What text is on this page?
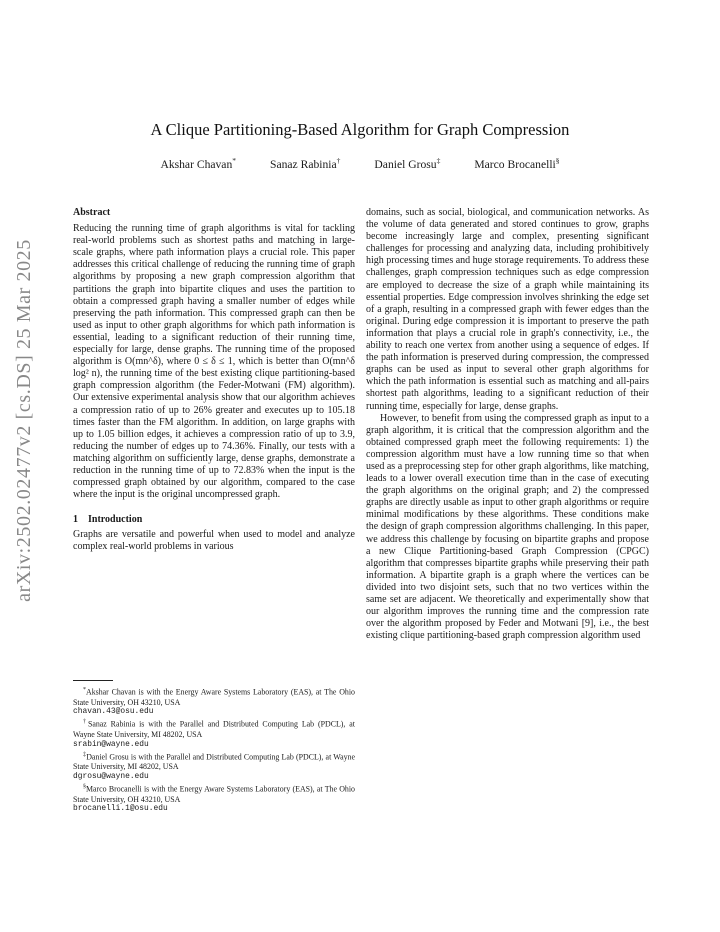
arXiv:2502.02477v2 [cs.DS] 25 Mar 2025
A Clique Partitioning-Based Algorithm for Graph Compression
Akshar Chavan*	Sanaz Rabinia†	Daniel Grosu‡	Marco Brocanelli§
Abstract

Reducing the running time of graph algorithms is vital for tackling real-world problems such as shortest paths and matching in large-scale graphs, where path information plays a crucial role. This paper addresses this critical challenge of reducing the running time of graph algorithms by proposing a new graph compression algorithm that partitions the graph into bipartite cliques and uses the partition to obtain a compressed graph having a smaller number of edges while preserving the path information. This compressed graph can then be used as input to other graph algorithms for which path information is essential, leading to a significant reduction of their running time, especially for large, dense graphs. The running time of the proposed algorithm is O(mn^δ), where 0 ≤ δ ≤ 1, which is better than O(mn^δ log² n), the running time of the best existing clique partitioning-based graph compression algorithm (the Feder-Motwani (FM) algorithm). Our extensive experimental analysis show that our algorithm achieves a compression ratio of up to 26% greater and executes up to 105.18 times faster than the FM algorithm. In addition, on large graphs with up to 1.05 billion edges, it achieves a compression ratio of up to 3.9, reducing the number of edges up to 74.36%. Finally, our tests with a matching algorithm on sufficiently large, dense graphs, demonstrate a reduction in the running time of up to 72.83% when the input is the compressed graph obtained by our algorithm, compared to the case where the input is the original uncompressed graph.

1 Introduction

Graphs are versatile and powerful when used to model and analyze complex real-world problems in various

*Akshar Chavan is with the Energy Aware Systems Laboratory (EAS), at The Ohio State University, OH 43210, USA
chavan.43@osu.edu

†Sanaz Rabinia is with the Parallel and Distributed Computing Lab (PDCL), at Wayne State University, MI 48202, USA
srabin@wayne.edu

‡Daniel Grosu is with the Parallel and Distributed Computing Lab (PDCL), at Wayne State University, MI 48202, USA
dgrosu@wayne.edu

§Marco Brocanelli is with the Energy Aware Systems Laboratory (EAS), at The Ohio State University, OH 43210, USA
brocanelli.1@osu.edu

domains, such as social, biological, and communication networks. As the volume of data generated and stored continues to grow, graphs become increasingly large and complex, presenting significant challenges for processing and analyzing data, including prohibitively high processing times and huge storage requirements. To address these challenges, graph compression techniques such as edge compression are employed to decrease the size of a graph while maintaining its essential properties. Edge compression involves shrinking the edge set of a graph, resulting in a compressed graph with fewer edges than the original. During edge compression it is important to preserve the path information that plays a crucial role in graph's connectivity, i.e., the ability to reach one vertex from another using a sequence of edges. If the path information is preserved during compression, the compressed graphs can be used as input to several other graph algorithms for which the path information is essential such as matching and all-pairs shortest path algorithms, leading to a significant reduction of their running time, especially for large, dense graphs.

However, to benefit from using the compressed graph as input to a graph algorithm, it is critical that the compression algorithm and the obtained compressed graph meet the following requirements: 1) the compression algorithm must have a low running time so that when used as a preprocessing step for other graph algorithms, like matching, leads to a lower overall execution time than in the case of executing the graph algorithms on the original graph; and 2) the compressed graphs are directly usable as input to other graph algorithms or require minimal modifications by these algorithms. These conditions make the design of graph compression algorithms challenging. In this paper, we address this challenge by focusing on bipartite graphs and propose a new Clique Partitioning-based Graph Compression (CPGC) algorithm that compresses bipartite graphs while preserving their path information. A bipartite graph is a graph where the vertices can be divided into two disjoint sets, such that no two vertices within the same set are adjacent. We theoretically and experimentally show that our algorithm improves the running time and the compression rate over the algorithm proposed by Feder and Motwani [9], i.e., the best existing clique partitioning-based graph compression algorithm used
